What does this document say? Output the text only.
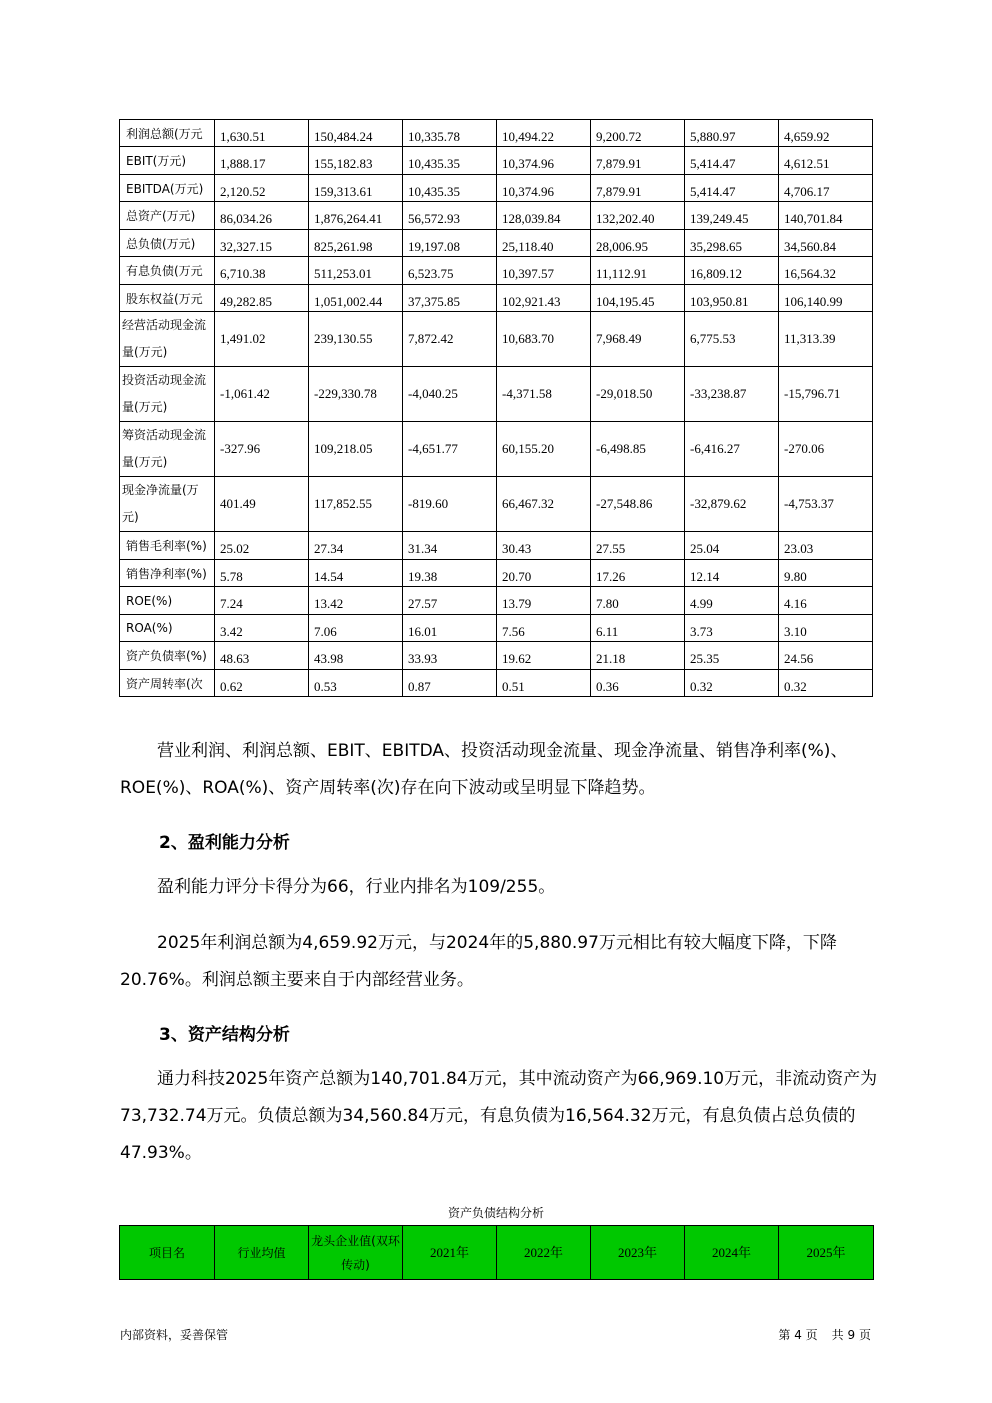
利润总额(万元	1,630.51	150,484.24	10,335.78	10,494.22	9,200.72	5,880.97	4,659.92
EBIT(万元)	1,888.17	155,182.83	10,435.35	10,374.96	7,879.91	5,414.47	4,612.51
EBITDA(万元)	2,120.52	159,313.61	10,435.35	10,374.96	7,879.91	5,414.47	4,706.17
总资产(万元)	86,034.26	1,876,264.41	56,572.93	128,039.84	132,202.40	139,249.45	140,701.84
总负债(万元)	32,327.15	825,261.98	19,197.08	25,118.40	28,006.95	35,298.65	34,560.84
有息负债(万元	6,710.38	511,253.01	6,523.75	10,397.57	11,112.91	16,809.12	16,564.32
股东权益(万元	49,282.85	1,051,002.44	37,375.85	102,921.43	104,195.45	103,950.81	106,140.99
经营活动现金流量(万元)	1,491.02	239,130.55	7,872.42	10,683.70	7,968.49	6,775.53	11,313.39
投资活动现金流量(万元)	-1,061.42	-229,330.78	-4,040.25	-4,371.58	-29,018.50	-33,238.87	-15,796.71
筹资活动现金流量(万元)	-327.96	109,218.05	-4,651.77	60,155.20	-6,498.85	-6,416.27	-270.06
现金净流量(万元)	401.49	117,852.55	-819.60	66,467.32	-27,548.86	-32,879.62	-4,753.37
销售毛利率(%)	25.02	27.34	31.34	30.43	27.55	25.04	23.03
销售净利率(%)	5.78	14.54	19.38	20.70	17.26	12.14	9.80
ROE(%)	7.24	13.42	27.57	13.79	7.80	4.99	4.16
ROA(%)	3.42	7.06	16.01	7.56	6.11	3.73	3.10
资产负债率(%)	48.63	43.98	33.93	19.62	21.18	25.35	24.56
资产周转率(次	0.62	0.53	0.87	0.51	0.36	0.32	0.32
营业利润、利润总额、EBIT、EBITDA、投资活动现金流量、现金净流量、销售净利率(%)、ROE(%)、ROA(%)、资产周转率(次)存在向下波动或呈明显下降趋势。
2、盈利能力分析
盈利能力评分卡得分为66，行业内排名为109/255。
2025年利润总额为4,659.92万元，与2024年的5,880.97万元相比有较大幅度下降，下降20.76%。利润总额主要来自于内部经营业务。
3、资产结构分析
通力科技2025年资产总额为140,701.84万元，其中流动资产为66,969.10万元，非流动资产为73,732.74万元。负债总额为34,560.84万元，有息负债为16,564.32万元，有息负债占总负债的47.93%。
资产负债结构分析
项目名	行业均值	龙头企业值(双环传动)	2021年	2022年	2023年	2024年	2025年
内部资料，妥善保管	第 4 页 共 9 页
